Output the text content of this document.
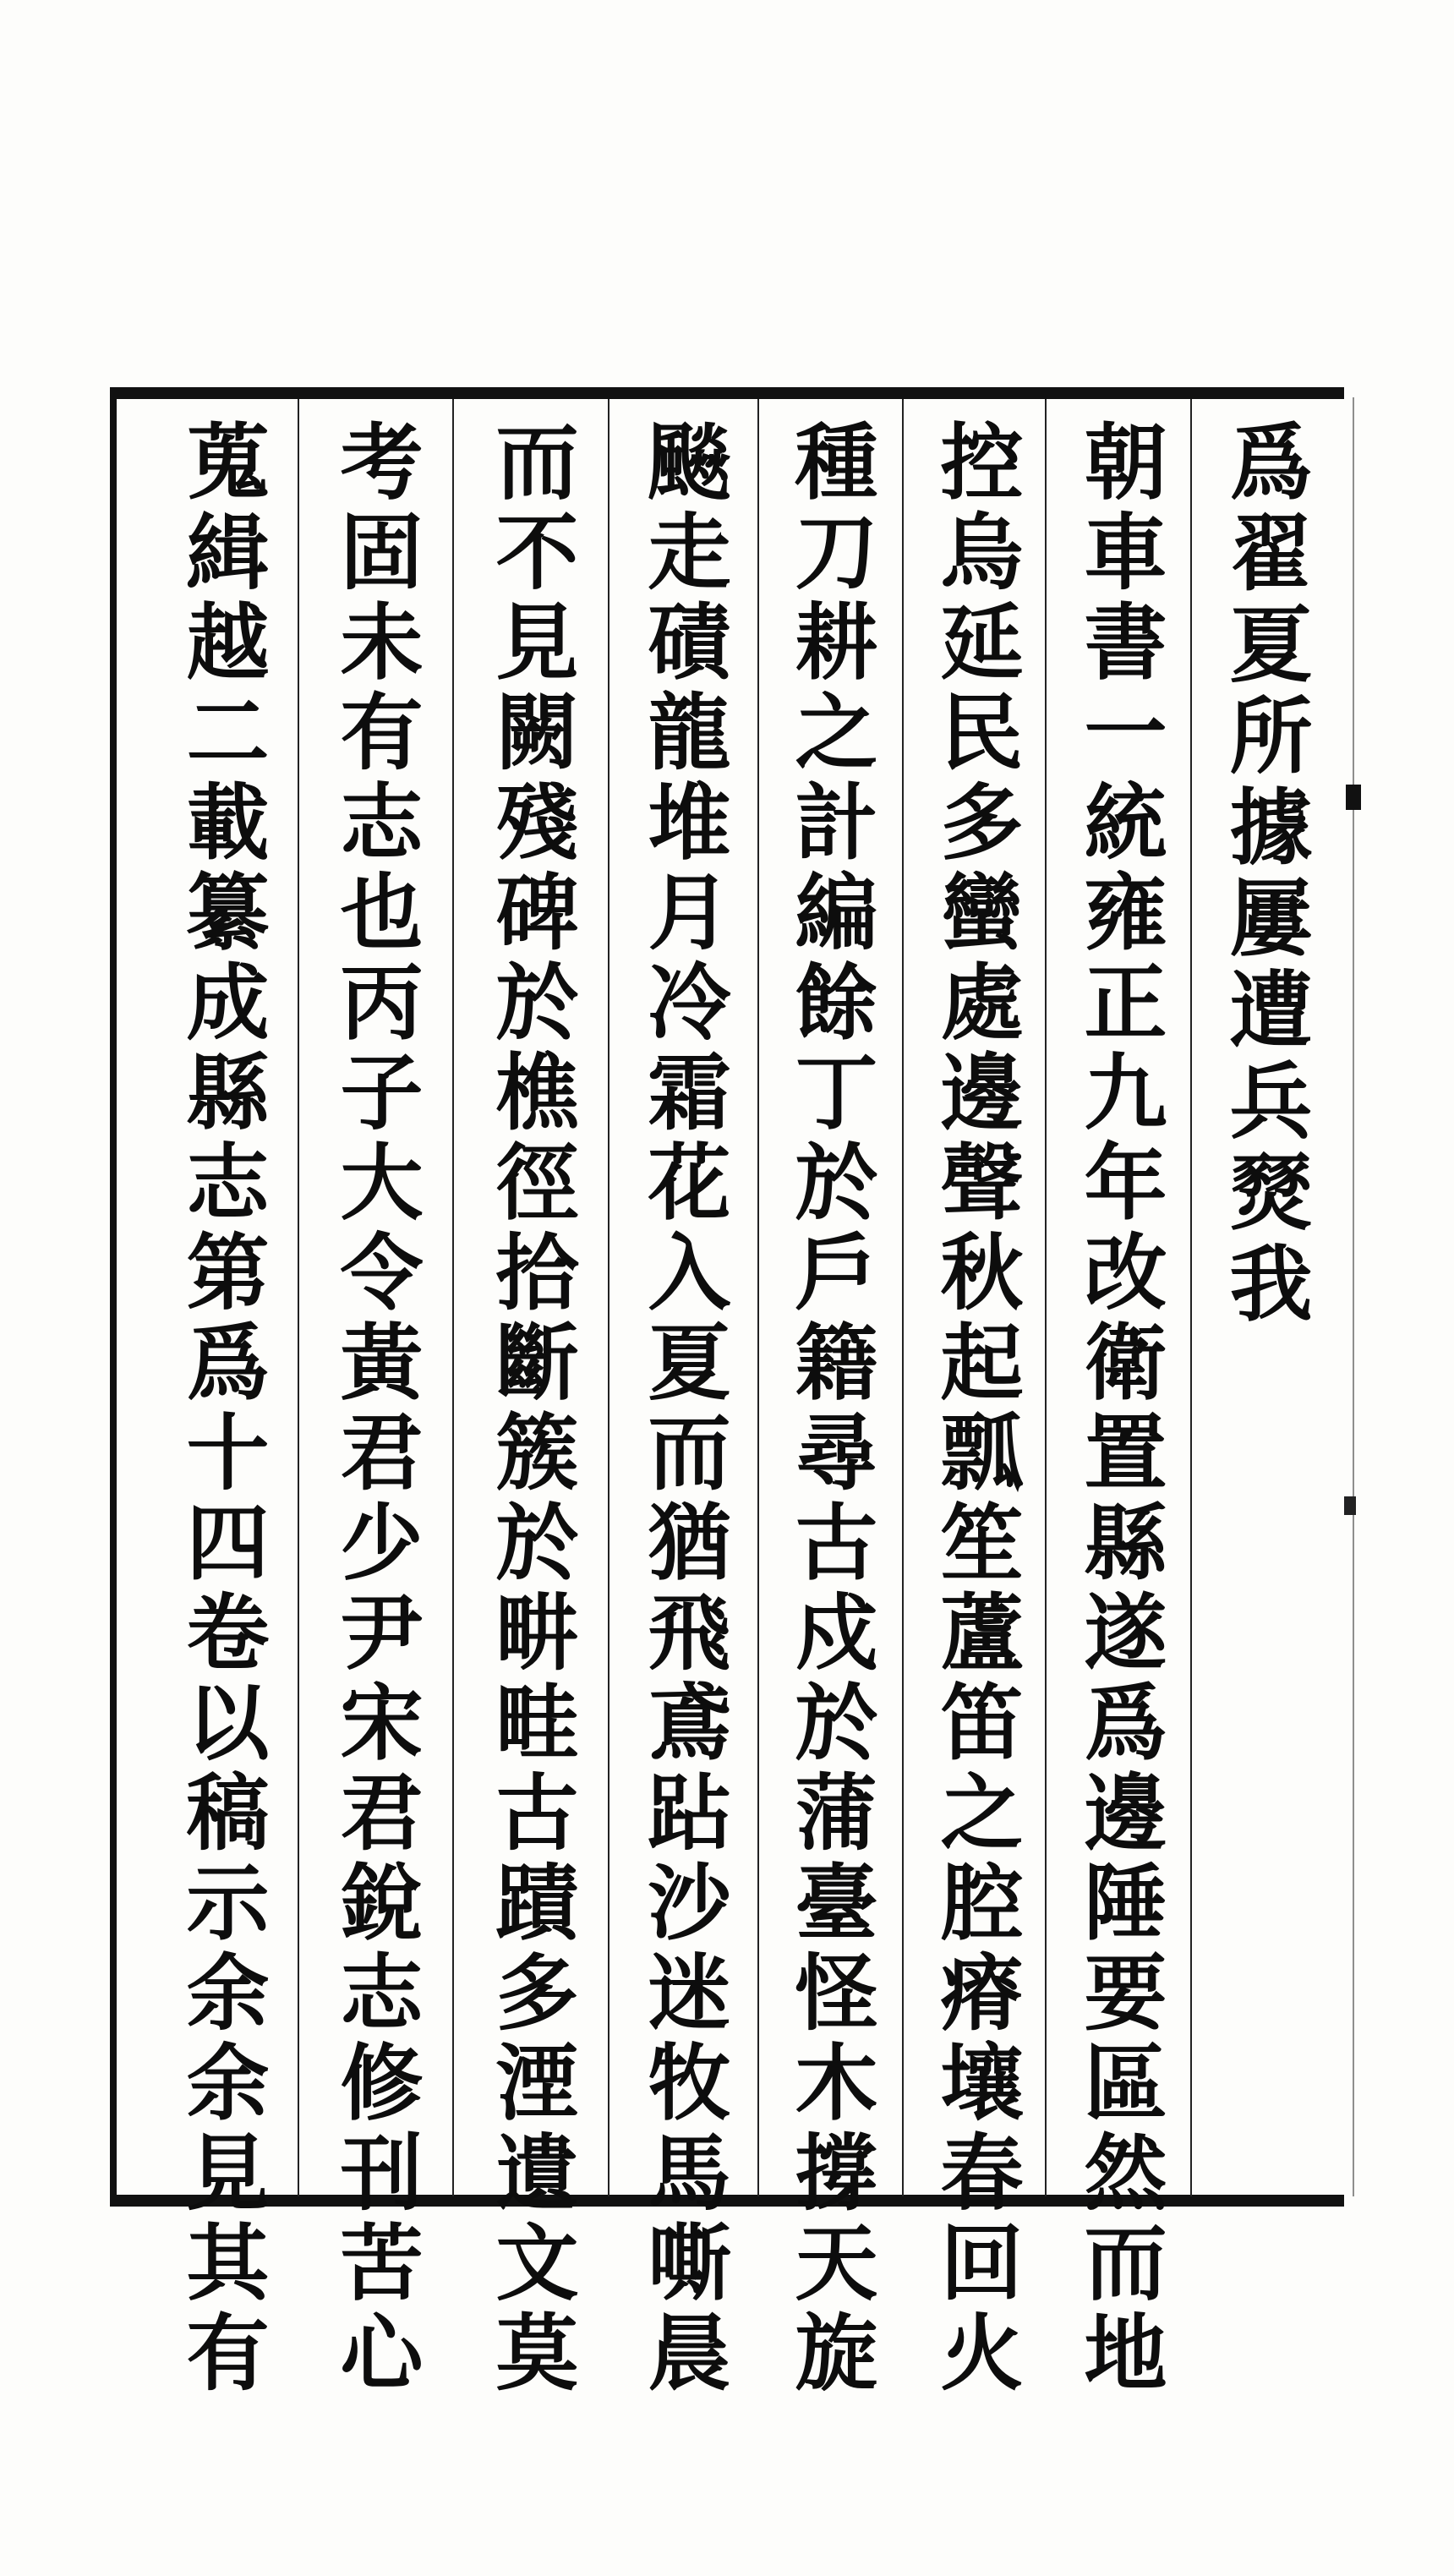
爲翟夏所據屢遭兵燹我
朝車書一統雍正九年改衛置縣遂爲邊陲要區然而地
控烏延民多蠻處邊聲秋起瓢笙蘆笛之腔瘠壤春回火
種刀耕之計編餘丁於戶籍尋古戍於蒲臺怪木撐天旋
飈走磧龍堆月冷霜花入夏而猶飛鳶跕沙迷牧馬嘶晨
而不見闕殘碑於樵徑拾斷簇於畊畦古蹟多湮遺文莫
考固未有志也丙子大令黃君少尹宋君銳志修刊苦心
蒐緝越二載纂成縣志第爲十四卷以稿示余余見其有
